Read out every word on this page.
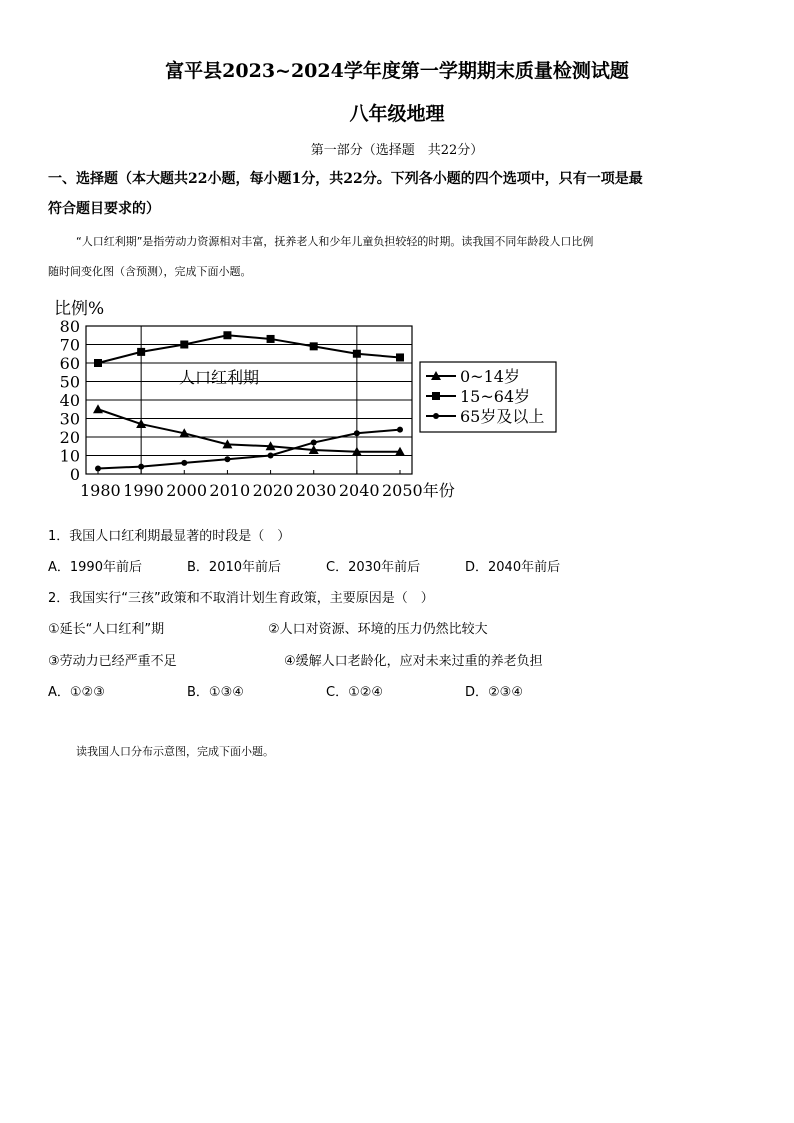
富平县2023~2024学年度第一学期期末质量检测试题
八年级地理
第一部分（选择题　共22分）
一、选择题（本大题共22小题，每小题1分，共22分。下列各小题的四个选项中，只有一项是最
符合题目要求的）
“人口红利期”是指劳动力资源相对丰富，抚养老人和少年儿童负担较轻的时期。读我国不同年龄段人口比例
随时间变化图（含预测），完成下面小题。
比例%
0
10
20
30
40
50
60
70
80
1980 1990 2000 2010 2020 2030 2040 2050年份
人口红利期	0~14岁
15~64岁
65岁及以上
1．我国人口红利期最显著的时段是（　）
A．1990年前后	B．2010年前后	C．2030年前后	D．2040年前后
2．我国实行“三孩”政策和不取消计划生育政策，主要原因是（　）
①延长“人口红利”期	②人口对资源、环境的压力仍然比较大
③劳动力已经严重不足	④缓解人口老龄化，应对未来过重的养老负担
A．①②③	B．①③④	C．①②④	D．②③④
读我国人口分布示意图，完成下面小题。
